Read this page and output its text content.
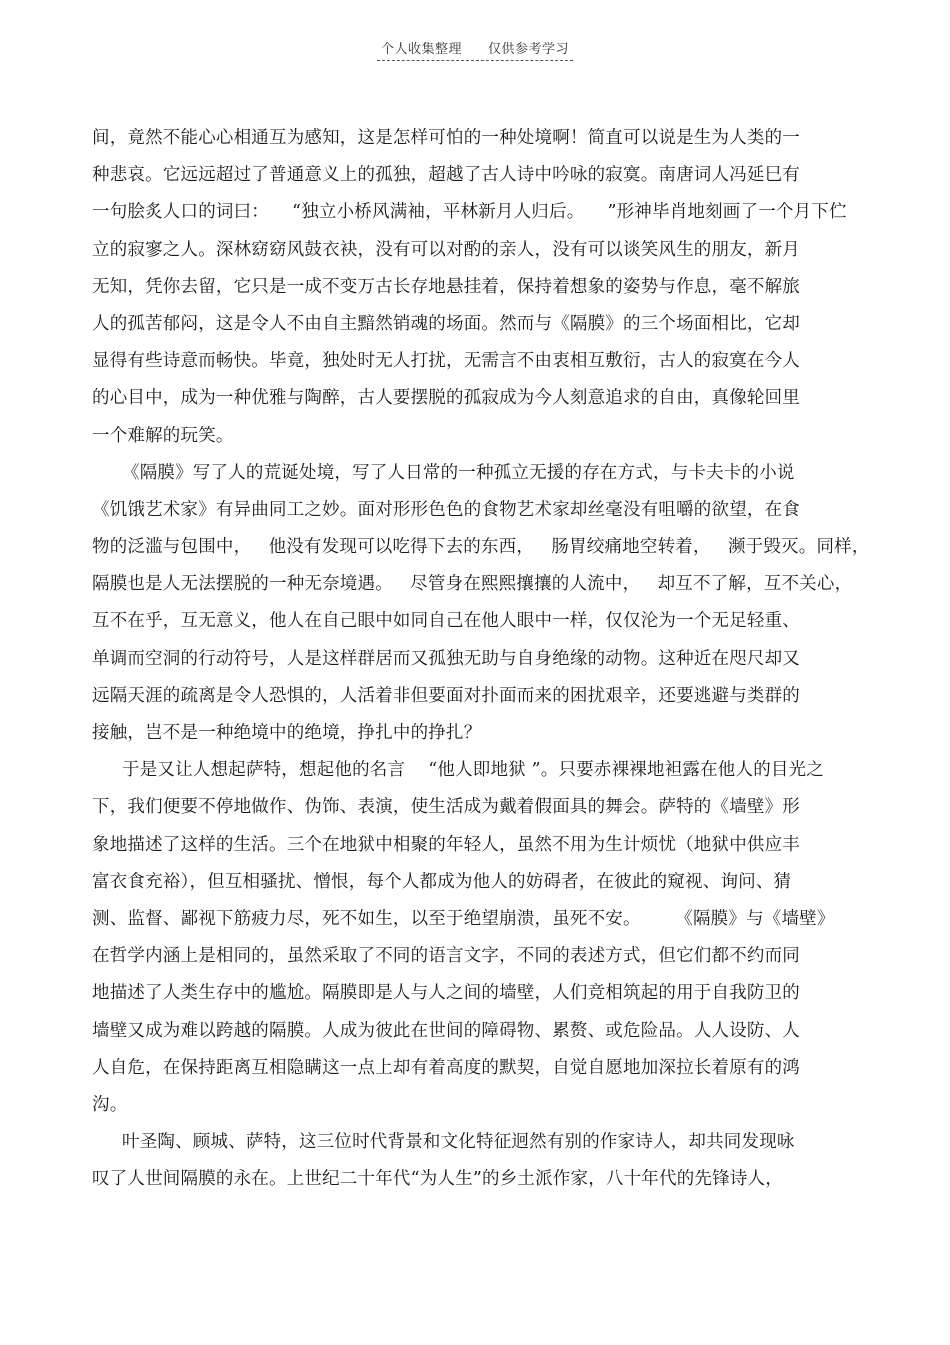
个人收集整理 仅供参考学习
间，竟然不能心心相通互为感知，这是怎样可怕的一种处境啊！简直可以说是生为人类的一
种悲哀。它远远超过了普通意义上的孤独，超越了古人诗中吟咏的寂寞。南唐词人冯延巳有
一句脍炙人口的词曰：    “独立小桥风满袖，平林新月人归后。    ”形神毕肖地刻画了一个月下伫
立的寂寥之人。深林窈窈风鼓衣袂，没有可以对酌的亲人，没有可以谈笑风生的朋友，新月
无知，凭你去留，它只是一成不变万古长存地悬挂着，保持着想象的姿势与作息，毫不解旅
人的孤苦郁闷，这是令人不由自主黯然销魂的场面。然而与《隔膜》的三个场面相比，它却
显得有些诗意而畅快。毕竟，独处时无人打扰，无需言不由衷相互敷衍，古人的寂寞在今人
的心目中，成为一种优雅与陶醉，古人要摆脱的孤寂成为今人刻意追求的自由，真像轮回里
一个难解的玩笑。
《隔膜》写了人的荒诞处境，写了人日常的一种孤立无援的存在方式，与卡夫卡的小说
《饥饿艺术家》有异曲同工之妙。面对形形色色的食物艺术家却丝毫没有咀嚼的欲望，在食
物的泛滥与包围中，   他没有发现可以吃得下去的东西，   肠胃绞痛地空转着，   濒于毁灭。同样，
隔膜也是人无法摆脱的一种无奈境遇。   尽管身在熙熙攘攘的人流中，   却互不了解，互不关心，
互不在乎，互无意义，他人在自己眼中如同自己在他人眼中一样，仅仅沦为一个无足轻重、
单调而空洞的行动符号，人是这样群居而又孤独无助与自身绝缘的动物。这种近在咫尺却又
远隔天涯的疏离是令人恐惧的，人活着非但要面对扑面而来的困扰艰辛，还要逃避与类群的
接触，岂不是一种绝境中的绝境，挣扎中的挣扎？
于是又让人想起萨特，想起他的名言    “他人即地狱 ”。只要赤裸裸地袒露在他人的目光之
下，我们便要不停地做作、伪饰、表演，使生活成为戴着假面具的舞会。萨特的《墙壁》形
象地描述了这样的生活。三个在地狱中相聚的年轻人，虽然不用为生计烦忧（地狱中供应丰
富衣食充裕），但互相骚扰、憎恨，每个人都成为他人的妨碍者，在彼此的窥视、询问、猜
测、监督、鄙视下筋疲力尽，死不如生，以至于绝望崩溃，虽死不安。      《隔膜》与《墙壁》
在哲学内涵上是相同的，虽然采取了不同的语言文字，不同的表述方式，但它们都不约而同
地描述了人类生存中的尴尬。隔膜即是人与人之间的墙壁，人们竞相筑起的用于自我防卫的
墙壁又成为难以跨越的隔膜。人成为彼此在世间的障碍物、累赘、或危险品。人人设防、人
人自危，在保持距离互相隐瞒这一点上却有着高度的默契，自觉自愿地加深拉长着原有的鸿
沟。
叶圣陶、顾城、萨特，这三位时代背景和文化特征迥然有别的作家诗人，却共同发现咏
叹了人世间隔膜的永在。上世纪二十年代“为人生”的乡土派作家，八十年代的先锋诗人，
